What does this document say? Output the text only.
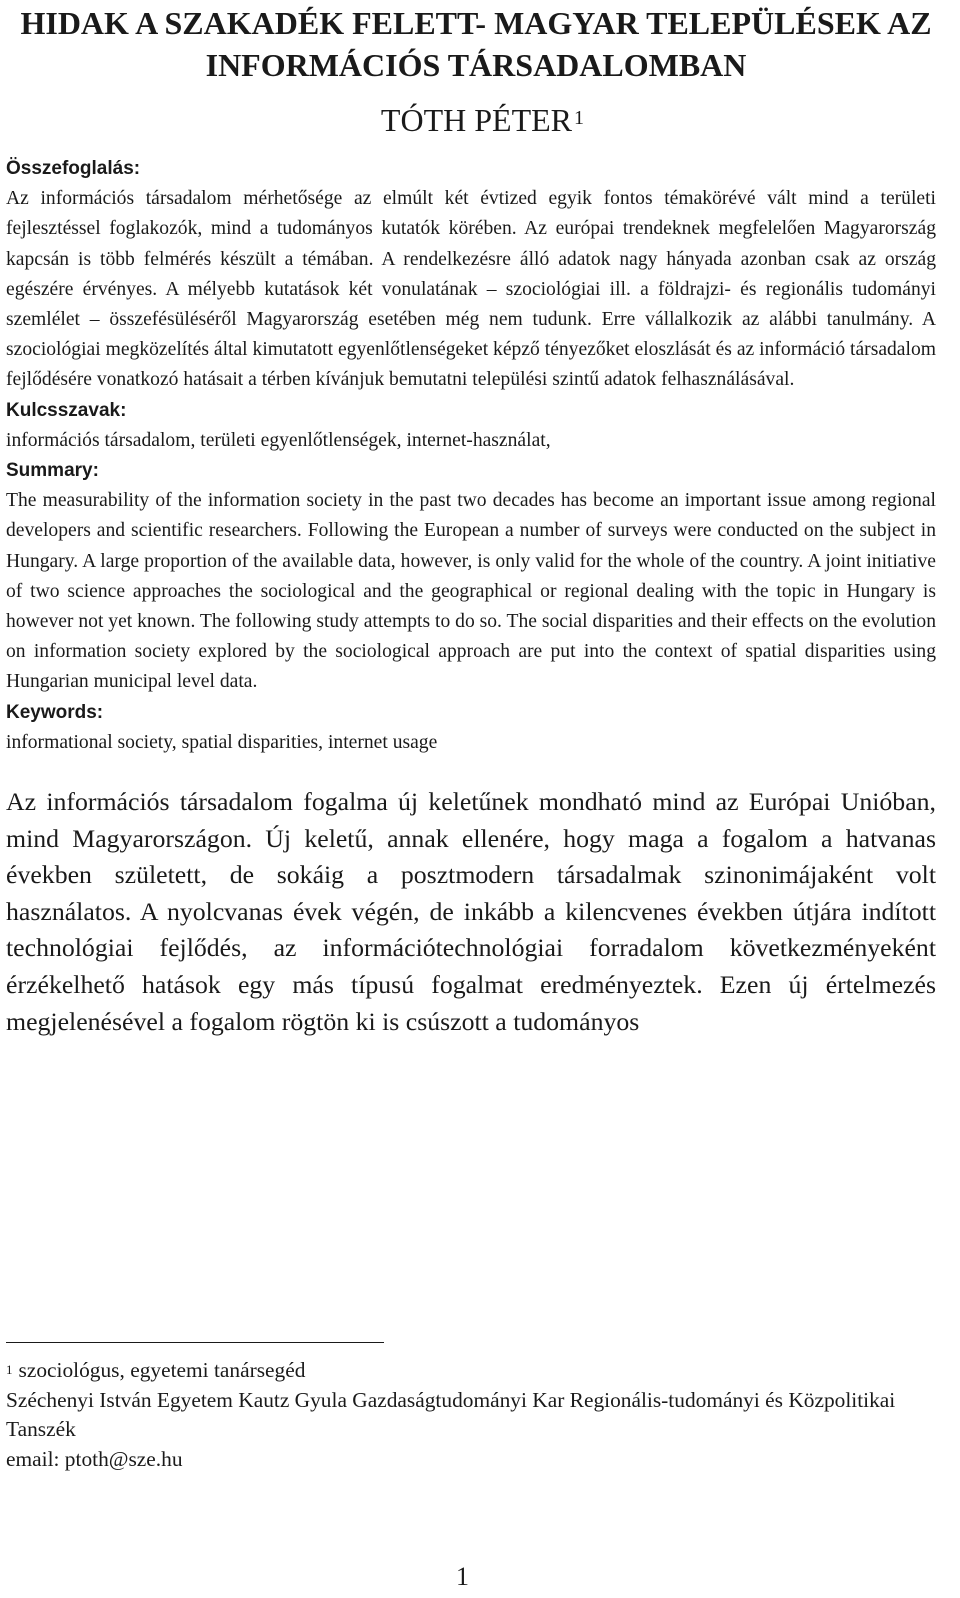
HIDAK A SZAKADÉK FELETT- MAGYAR TELEPÜLÉSEK AZ INFORMÁCIÓS TÁRSADALOMBAN
TÓTH PÉTER $^1$
Összefoglalás:

Az információs társadalom mérhetősége az elmúlt két évtized egyik fontos témakörévé vált mind a területi fejlesztéssel foglakozók, mind a tudományos kutatók körében. Az európai trendeknek megfelelően Magyarország kapcsán is több felmérés készült a témában. A rendelkezésre álló adatok nagy hányada azonban csak az ország egészére érvényes. A mélyebb kutatások két vonulatának – szociológiai ill. a földrajzi- és regionális tudományi szemlélet – összefésüléséről Magyarország esetében még nem tudunk. Erre vállalkozik az alábbi tanulmány. A szociológiai megközelítés által kimutatott egyenlőtlenségeket képző tényezőket eloszlását és az információ társadalom fejlődésére vonatkozó hatásait a térben kívánjuk bemutatni települési szintű adatok felhasználásával.

Kulcsszavak:

információs társadalom, területi egyenlőtlenségek, internet-használat,

Summary:

The measurability of the information society in the past two decades has become an important issue among regional developers and scientific researchers. Following the European a number of surveys were conducted on the subject in Hungary. A large proportion of the available data, however, is only valid for the whole of the country. A joint initiative of two science approaches the sociological and the geographical or regional dealing with the topic in Hungary is however not yet known. The following study attempts to do so. The social disparities and their effects on the evolution on information society explored by the sociological approach are put into the context of spatial disparities using Hungarian municipal level data.

Keywords:

informational society, spatial disparities, internet usage

Az információs társadalom fogalma új keletűnek mondható mind az Európai Unióban, mind Magyarországon. Új keletű, annak ellenére, hogy maga a fogalom a hatvanas években született, de sokáig a posztmodern társadalmak szinonimájaként volt használatos. A nyolcvanas évek végén, de inkább a kilencvenes években útjára indított technológiai fejlődés, az információtechnológiai forradalom következményeként érzékelhető hatások egy más típusú fogalmat eredményeztek. Ezen új értelmezés megjelenésével a fogalom rögtön ki is csúszott a tudományos

$^1$ szociológus, egyetemi tanársegéd

Széchenyi István Egyetem Kautz Gyula Gazdaságtudományi Kar Regionális-tudományi és Közpolitikai Tanszék

email: ptoth@sze.hu

1
